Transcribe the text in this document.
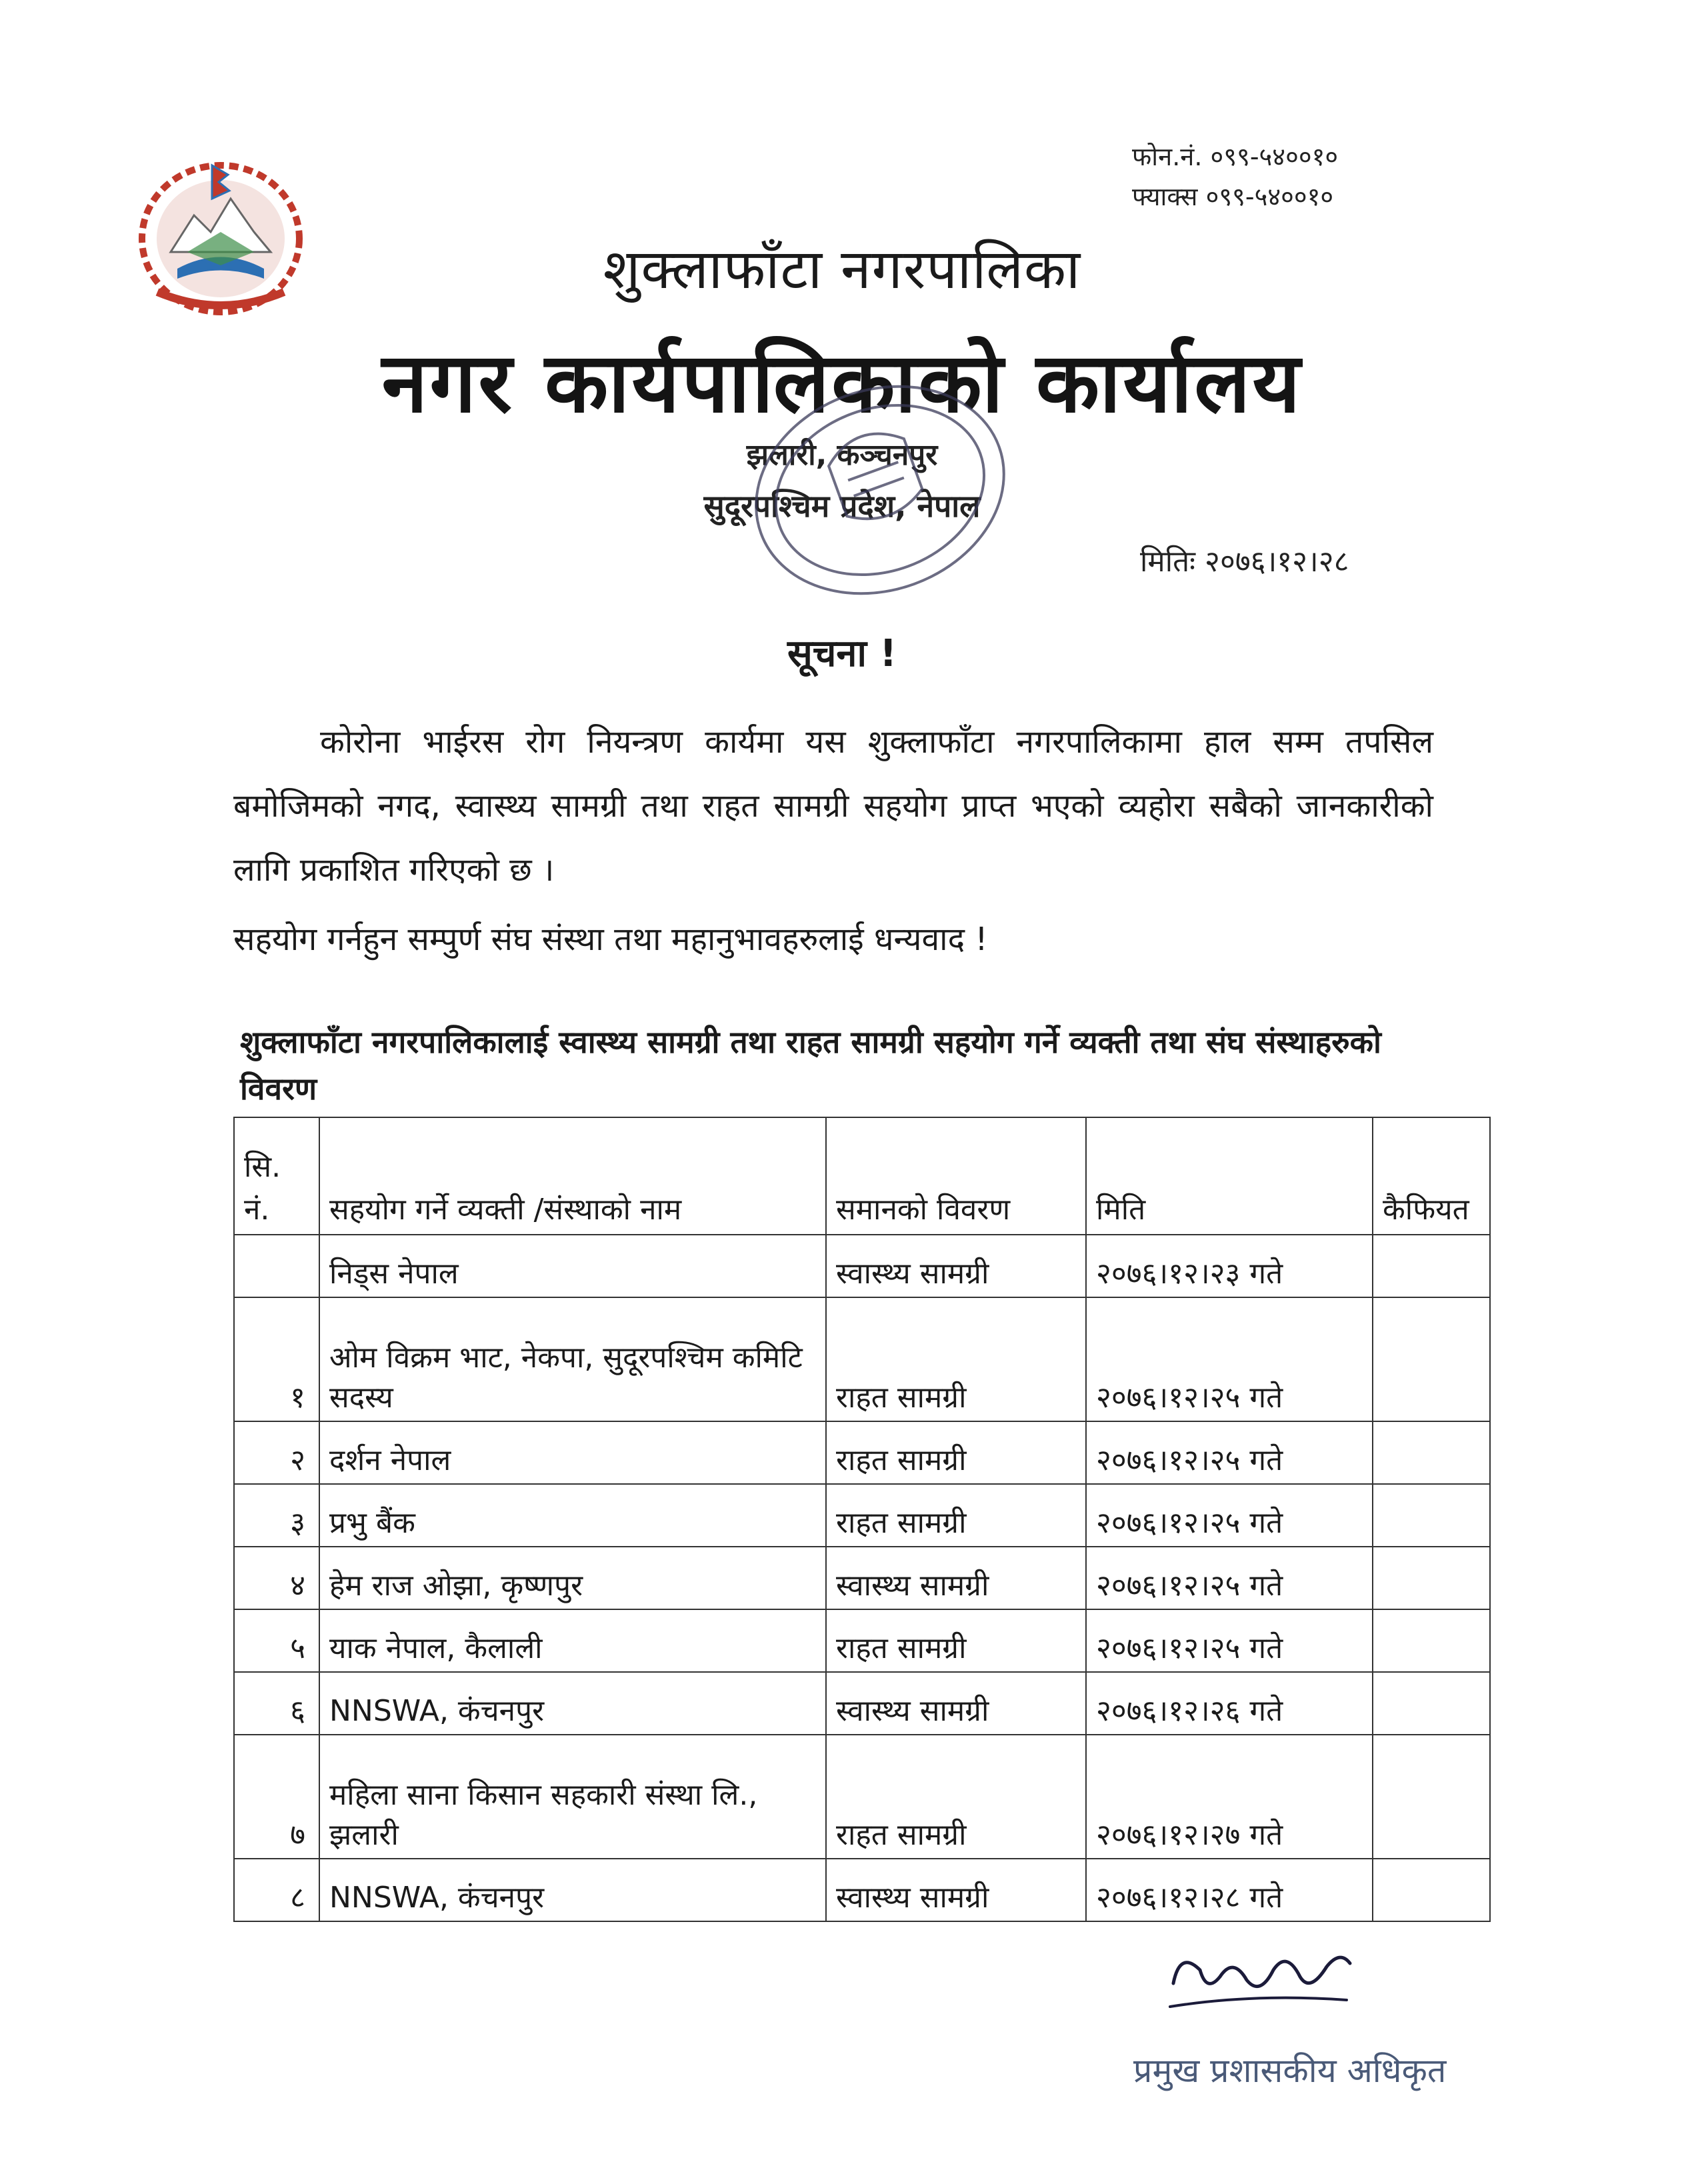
फोन.नं. ०९९-५४००१०
फ्याक्स ०९९-५४००१०
शुक्लाफाँटा नगरपालिका
नगर कार्यपालिकाको कार्यालय
झलारी, कञ्चनपुर
सुदूरपश्चिम प्रदेश, नेपाल
मितिः २०७६।१२।२८
सूचना !
कोरोना भाईरस रोग नियन्त्रण कार्यमा यस शुक्लाफाँटा नगरपालिकामा हाल सम्म तपसिल बमोजिमको नगद, स्वास्थ्य सामग्री तथा राहत सामग्री सहयोग प्राप्त भएको व्यहोरा सबैको जानकारीको लागि प्रकाशित गरिएको छ ।
सहयोग गर्नहुन सम्पुर्ण संघ संस्था तथा महानुभावहरुलाई धन्यवाद !
शुक्लाफाँटा नगरपालिकालाई स्वास्थ्य सामग्री तथा राहत सामग्री सहयोग गर्ने व्यक्ती तथा संघ संस्थाहरुको विवरण
सि. नं.	सहयोग गर्ने व्यक्ती /संस्थाको नाम	समानको विवरण	मिति	कैफियत
	निड्स नेपाल	स्वास्थ्य सामग्री	२०७६।१२।२३ गते	
१	ओम विक्रम भाट, नेकपा, सुदूरपश्चिम कमिटि सदस्य	राहत सामग्री	२०७६।१२।२५ गते	
२	दर्शन नेपाल	राहत सामग्री	२०७६।१२।२५ गते	
३	प्रभु बैंक	राहत सामग्री	२०७६।१२।२५ गते	
४	हेम राज ओझा, कृष्णपुर	स्वास्थ्य सामग्री	२०७६।१२।२५ गते	
५	याक नेपाल, कैलाली	राहत सामग्री	२०७६।१२।२५ गते	
६	NNSWA, कंचनपुर	स्वास्थ्य सामग्री	२०७६।१२।२६ गते	
७	महिला साना किसान सहकारी संस्था लि., झलारी	राहत सामग्री	२०७६।१२।२७ गते	
८	NNSWA, कंचनपुर	स्वास्थ्य सामग्री	२०७६।१२।२८ गते	
प्रमुख प्रशासकीय अधिकृत
